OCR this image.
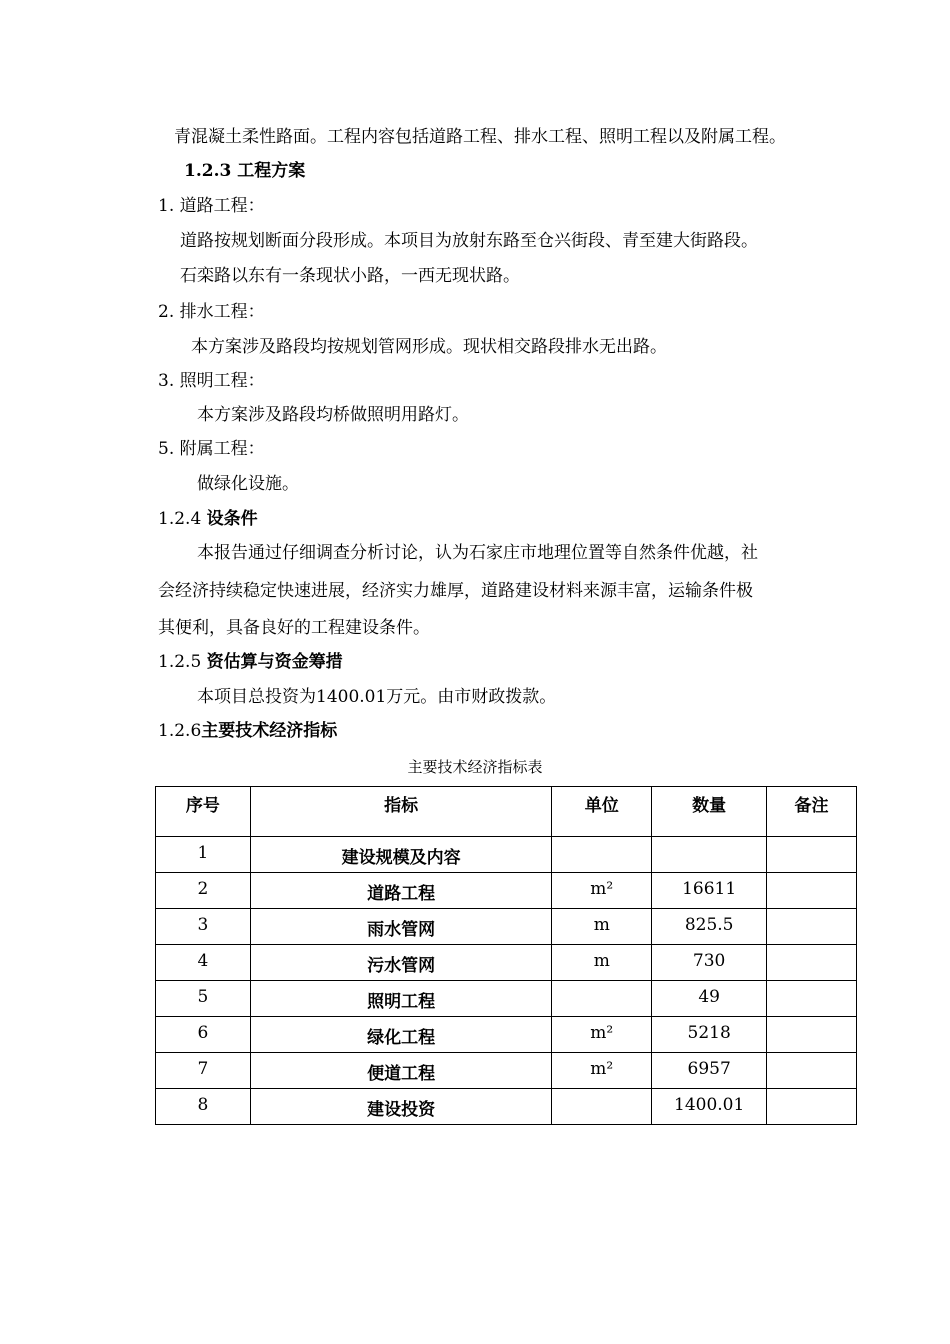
青混凝土柔性路面。工程内容包括道路工程、排水工程、照明工程以及附属工程。
1.2.3 工程方案
1. 道路工程：
道路按规划断面分段形成。本项目为放射东路至仓兴街段、青至建大街路段。
石栾路以东有一条现状小路，一西无现状路。
2. 排水工程：
本方案涉及路段均按规划管网形成。现状相交路段排水无出路。
3. 照明工程：
本方案涉及路段均桥做照明用路灯。
5. 附属工程：
做绿化设施。
1.2.4 设条件
本报告通过仔细调查分析讨论，认为石家庄市地理位置等自然条件优越，社
会经济持续稳定快速进展，经济实力雄厚，道路建设材料来源丰富，运输条件极
其便利，具备良好的工程建设条件。
1.2.5 资估算与资金筹措
本项目总投资为1400.01万元。由市财政拨款。
1.2.6主要技术经济指标
主要技术经济指标表
序号	指标	单位	数量	备注
1	建设规模及内容			
2	道路工程	m²	16611	
3	雨水管网	m	825.5	
4	污水管网	m	730	
5	照明工程		49	
6	绿化工程	m²	5218	
7	便道工程	m²	6957	
8	建设投资		1400.01	
